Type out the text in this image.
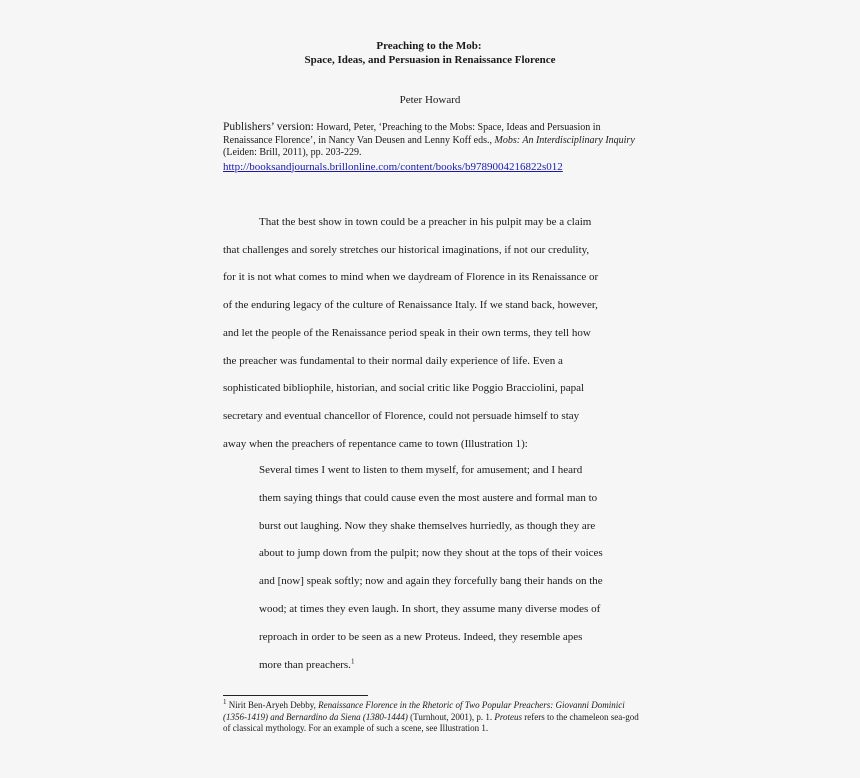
Preaching to the Mob:
Space, Ideas, and Persuasion in Renaissance Florence
Peter Howard
Publishers’ version: Howard, Peter, ‘Preaching to the Mobs: Space, Ideas and Persuasion in Renaissance Florence’, in Nancy Van Deusen and Lenny Koff eds., Mobs: An Interdisciplinary Inquiry (Leiden: Brill, 2011), pp. 203-229.
http://booksandjournals.brillonline.com/content/books/b9789004216822s012
That the best show in town could be a preacher in his pulpit may be a claim
that challenges and sorely stretches our historical imaginations, if not our credulity,
for it is not what comes to mind when we daydream of Florence in its Renaissance or
of the enduring legacy of the culture of Renaissance Italy. If we stand back, however,
and let the people of the Renaissance period speak in their own terms, they tell how
the preacher was fundamental to their normal daily experience of life. Even a
sophisticated bibliophile, historian, and social critic like Poggio Bracciolini, papal
secretary and eventual chancellor of Florence, could not persuade himself to stay
away when the preachers of repentance came to town (Illustration 1):
Several times I went to listen to them myself, for amusement; and I heard
them saying things that could cause even the most austere and formal man to
burst out laughing. Now they shake themselves hurriedly, as though they are
about to jump down from the pulpit; now they shout at the tops of their voices
and [now] speak softly; now and again they forcefully bang their hands on the
wood; at times they even laugh. In short, they assume many diverse modes of
reproach in order to be seen as a new Proteus. Indeed, they resemble apes
more than preachers.$^1$
$^1$ Nirit Ben-Aryeh Debby, Renaissance Florence in the Rhetoric of Two Popular Preachers: Giovanni Dominici (1356-1419) and Bernardino da Siena (1380-1444) (Turnhout, 2001), p. 1. Proteus refers to the chameleon sea-god of classical mythology. For an example of such a scene, see Illustration 1.
